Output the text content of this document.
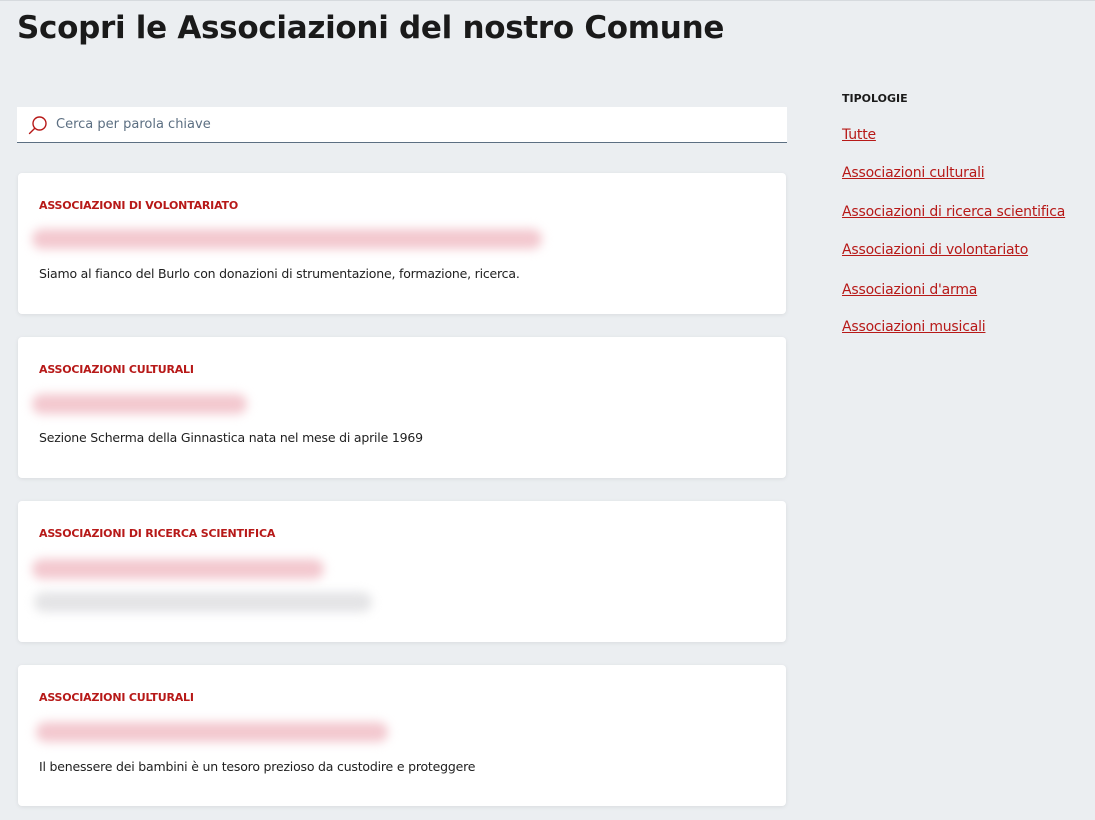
Scopri le Associazioni del nostro Comune
Cerca per parola chiave
ASSOCIAZIONI DI VOLONTARIATO
Siamo al fianco del Burlo con donazioni di strumentazione, formazione, ricerca.
ASSOCIAZIONI CULTURALI
Sezione Scherma della Ginnastica nata nel mese di aprile 1969
ASSOCIAZIONI DI RICERCA SCIENTIFICA
ASSOCIAZIONI CULTURALI
Il benessere dei bambini è un tesoro prezioso da custodire e proteggere
TIPOLOGIE
Tutte
Associazioni culturali
Associazioni di ricerca scientifica
Associazioni di volontariato
Associazioni d'arma
Associazioni musicali
